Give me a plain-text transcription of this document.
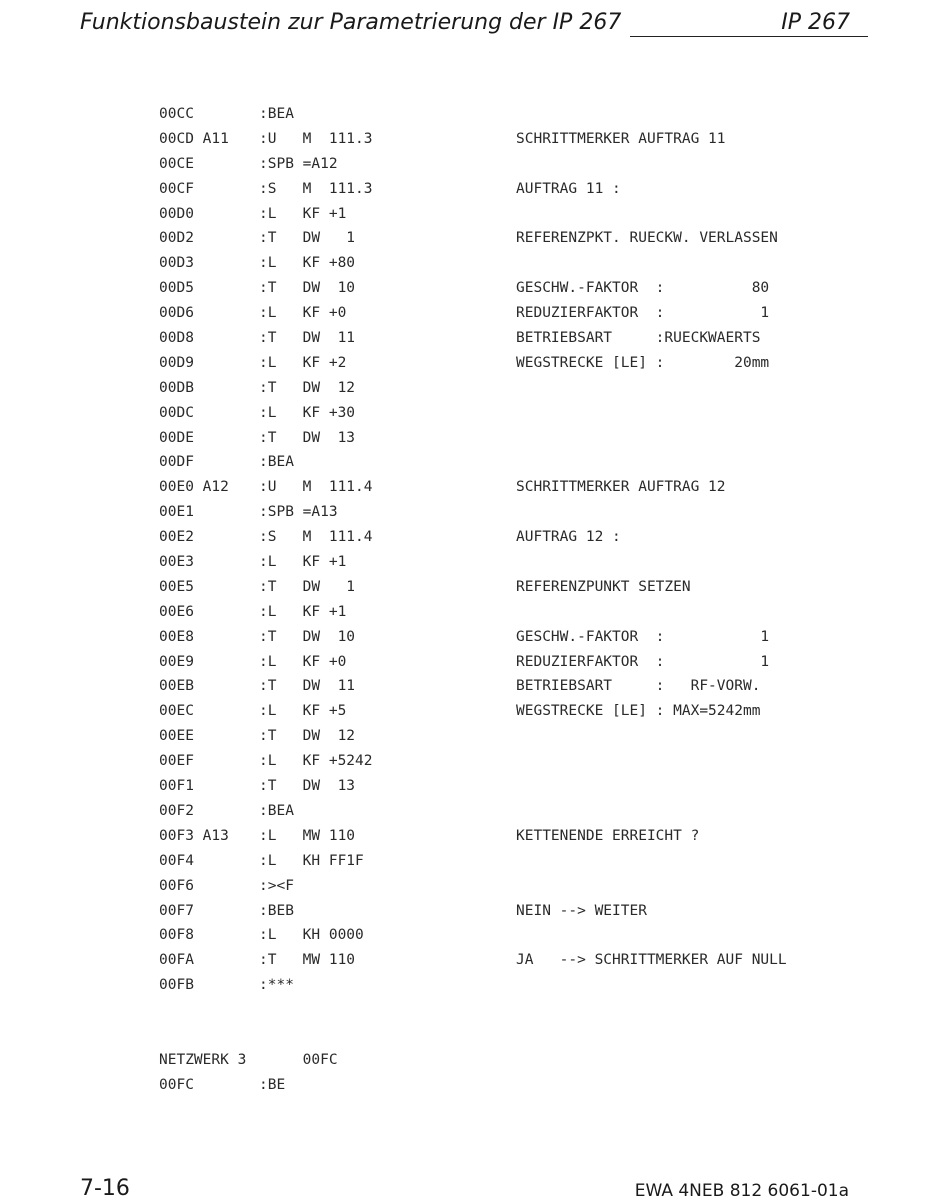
Funktionsbaustein zur Parametrierung der IP 267	IP 267
00CC	:BEA
00CD A11 :U   M  111.3	SCHRITTMERKER AUFTRAG 11
00CE	:SPB =A12
00CF	:S   M  111.3	AUFTRAG 11 :
00D0	:L   KF +1
00D2	:T   DW   1	REFERENZPKT. RUECKW. VERLASSEN
00D3	:L   KF +80
00D5	:T   DW  10	GESCHW.-FAKTOR  :          80
00D6	:L   KF +0	REDUZIERFAKTOR  :           1
00D8	:T   DW  11	BETRIEBSART     :RUECKWAERTS
00D9	:L   KF +2	WEGSTRECKE [LE] :        20mm
00DB	:T   DW  12
00DC	:L   KF +30
00DE	:T   DW  13
00DF	:BEA
00E0 A12 :U   M  111.4	SCHRITTMERKER AUFTRAG 12
00E1	:SPB =A13
00E2	:S   M  111.4	AUFTRAG 12 :
00E3	:L   KF +1
00E5	:T   DW   1	REFERENZPUNKT SETZEN
00E6	:L   KF +1
00E8	:T   DW  10	GESCHW.-FAKTOR  :           1
00E9	:L   KF +0	REDUZIERFAKTOR  :           1
00EB	:T   DW  11	BETRIEBSART     :   RF-VORW.
00EC	:L   KF +5	WEGSTRECKE [LE] : MAX=5242mm
00EE	:T   DW  12
00EF	:L   KF +5242
00F1	:T   DW  13
00F2	:BEA
00F3 A13 :L   MW 110	KETTENENDE ERREICHT ?
00F4	:L   KH FF1F
00F6	:><F
00F7	:BEB	NEIN --> WEITER
00F8	:L   KH 0000
00FA	:T   MW 110	JA   --> SCHRITTMERKER AUF NULL
00FB	:***
NETZWERK 3 00FC
00FC	:BE
7-16	EWA 4NEB 812 6061-01a
